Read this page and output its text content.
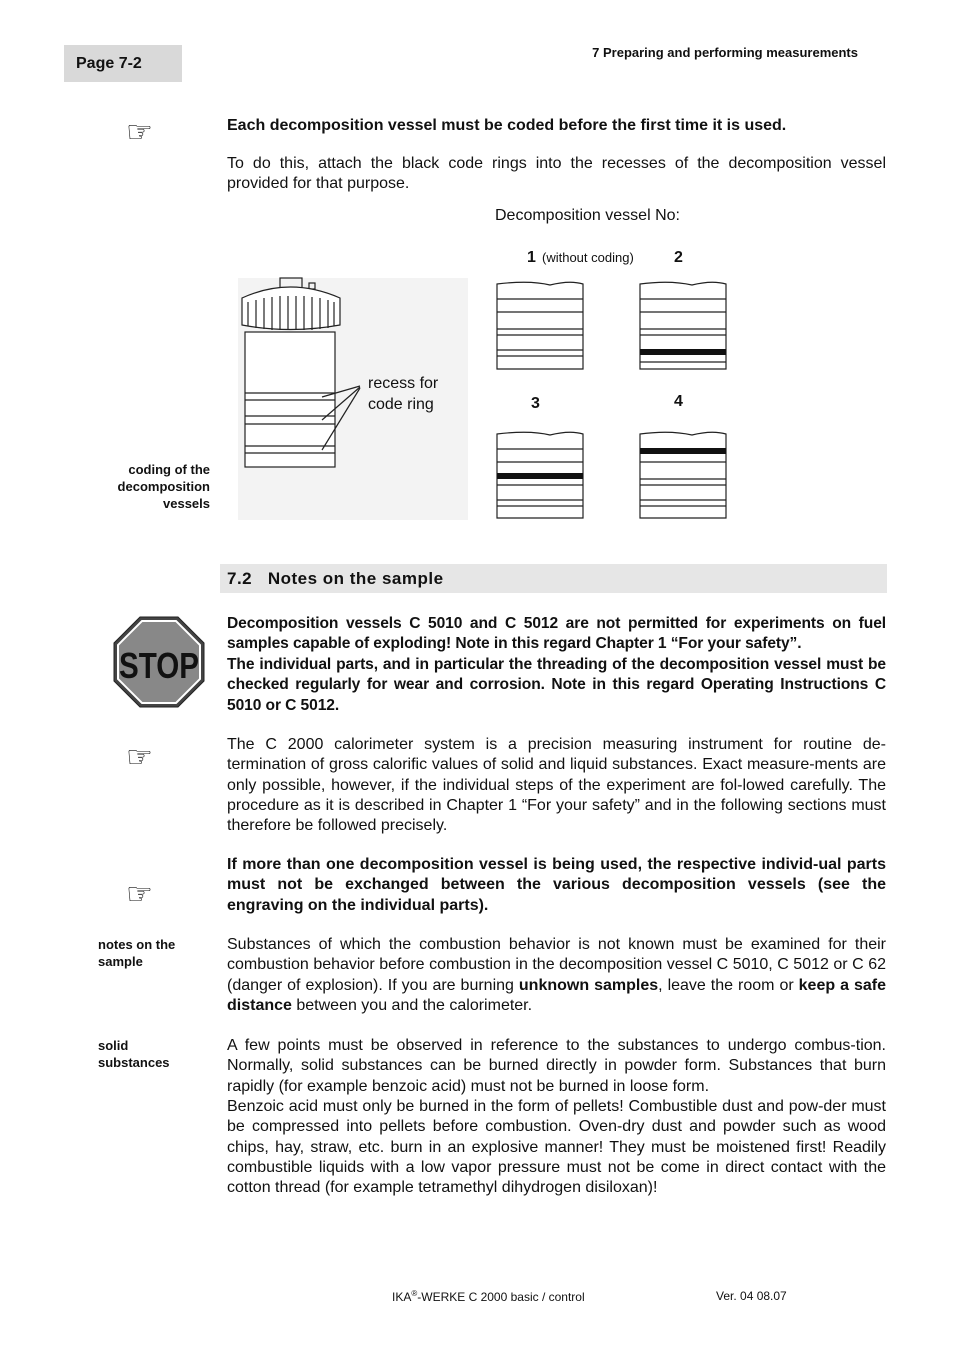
Page 7-2
7 Preparing and performing measurements
☞	Each decomposition vessel must be coded before the first time it is used.
To do this, attach the black code rings into the recesses of the decomposition vessel provided for that purpose.
Decomposition vessel No:
recess for
code ring
1 (without coding)	2
3	4
coding of the
decomposition
vessels
7.2 Notes on the sample
STOP
Decomposition vessels C 5010 and C 5012 are not permitted for experiments on fuel samples capable of exploding! Note in this regard Chapter 1 “For your safety”.
The individual parts, and in particular the threading of the decomposition vessel must be checked regularly for wear and corrosion. Note in this regard Operating Instructions C 5010 or C 5012.
☞	The C 2000 calorimeter system is a precision measuring instrument for routine de-termination of gross calorific values of solid and liquid substances. Exact measure-ments are only possible, however, if the individual steps of the experiment are fol-lowed carefully. The procedure as it is described in Chapter 1 “For your safety” and in the following sections must therefore be followed precisely.
☞
If more than one decomposition vessel is being used, the respective individ-ual parts must not be exchanged between the various decomposition vessels (see the engraving on the individual parts).
notes on the
sample
Substances of which the combustion behavior is not known must be examined for their combustion behavior before combustion in the decomposition vessel C 5010, C 5012 or C 62 (danger of explosion). If you are burning unknown samples, leave the room or keep a safe distance between you and the calorimeter.
solid
substances
A few points must be observed in reference to the substances to undergo combus-tion. Normally, solid substances can be burned directly in powder form. Substances that burn rapidly (for example benzoic acid) must not be burned in loose form.
Benzoic acid must only be burned in the form of pellets! Combustible dust and pow-der must be compressed into pellets before combustion. Oven-dry dust and powder such as wood chips, hay, straw, etc. burn in an explosive manner! They must be moistened first! Readily combustible liquids with a low vapor pressure must not be come in direct contact with the cotton thread (for example tetramethyl dihydrogen disiloxan)!
IKA®-WERKE C 2000 basic / control	Ver. 04 08.07
